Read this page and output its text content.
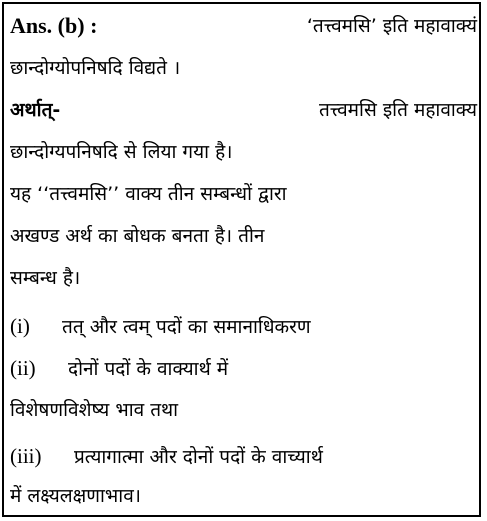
Ans. (b) :	‘तत्त्वमसि’ इति महावाक्यं
छान्दोग्योपनिषदि विद्यते ।
अर्थात्-	तत्त्वमसि इति महावाक्य
छान्दोग्यपनिषदि से लिया गया है।
यह ‘‘तत्त्वमसि’’ वाक्य तीन सम्बन्धों द्वारा
अखण्ड अर्थ का बोधक बनता है। तीन
सम्बन्ध है।
(i) तत् और त्वम् पदों का समानाधिकरण
(ii) दोनों पदों के वाक्यार्थ में
विशेषणविशेष्य भाव तथा
(iii) प्रत्यागात्मा और दोनों पदों के वाच्यार्थ
में लक्ष्यलक्षणाभाव।
